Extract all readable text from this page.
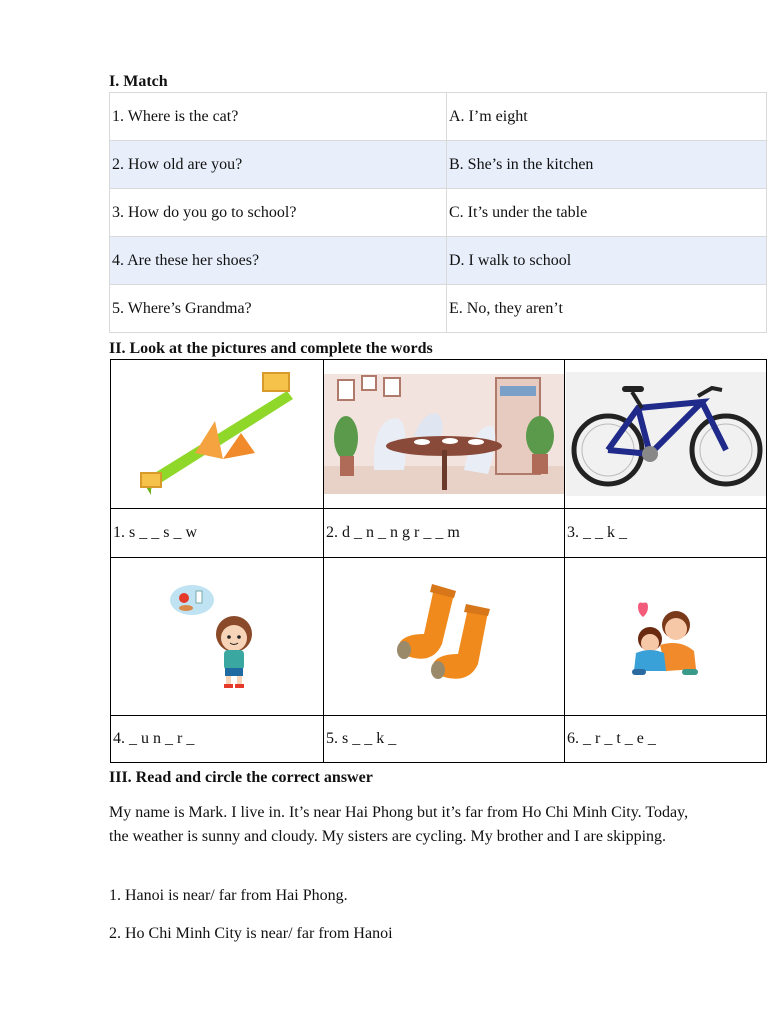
I. Match
1. Where is the cat?	A. I’m eight
2. How old are you?	B. She’s in the kitchen
3. How do you go to school?	C. It’s under the table
4. Are these her shoes?	D. I walk to school
5. Where’s Grandma?	E. No, they aren’t
II. Look at the pictures and complete the words
1. s _ _ s _ w	2. d _ n _ n g r _ _ m	3. _ _ k _
4. _ u n _ r _	5. s _ _ k _	6. _ r _ t _ e _
III. Read and circle the correct answer
My name is Mark. I live in. It’s near Hai Phong but it’s far from Ho Chi Minh City. Today, the weather is sunny and cloudy. My sisters are cycling. My brother and I are skipping.
1. Hanoi is near/ far from Hai Phong.
2. Ho Chi Minh City is near/ far from Hanoi
